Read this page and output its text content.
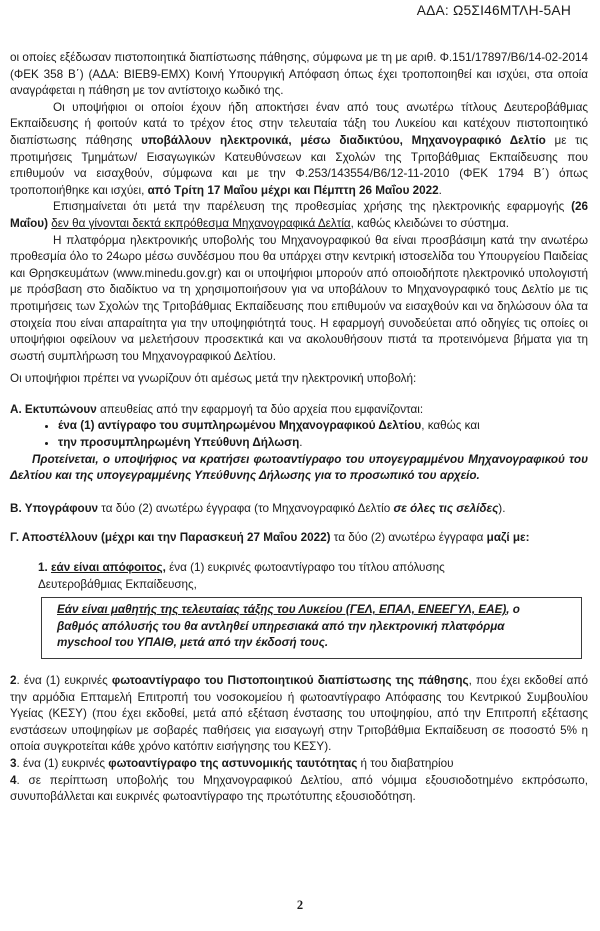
ΑΔΑ: Ω5ΣΙ46ΜΤΛΗ-5ΑΗ

οι οποίες εξέδωσαν πιστοποιητικά διαπίστωσης πάθησης, σύμφωνα με τη με αριθ. Φ.151/17897/Β6/14-02-2014 (ΦΕΚ 358 Β΄) (ΑΔΑ: ΒΙΕΒ9-ΕΜΧ) Κοινή Υπουργική Απόφαση όπως έχει τροποποιηθεί και ισχύει, στα οποία αναγράφεται η πάθηση με τον αντίστοιχο κωδικό της.

Οι υποψήφιοι οι οποίοι έχουν ήδη αποκτήσει έναν από τους ανωτέρω τίτλους Δευτεροβάθμιας Εκπαίδευσης ή φοιτούν κατά το τρέχον έτος στην τελευταία τάξη του Λυκείου και κατέχουν πιστοποιητικό διαπίστωσης πάθησης υποβάλλουν ηλεκτρονικά, μέσω διαδικτύου, Μηχανογραφικό Δελτίο με τις προτιμήσεις Τμημάτων/ Εισαγωγικών Κατευθύνσεων και Σχολών της Τριτοβάθμιας Εκπαίδευσης που επιθυμούν να εισαχθούν, σύμφωνα και με την Φ.253/143554/Β6/12-11-2010 (ΦΕΚ 1794 Β΄) όπως τροποποιήθηκε και ισχύει, από Τρίτη 17 Μαΐου μέχρι και Πέμπτη 26 Μαΐου 2022.

Επισημαίνεται ότι μετά την παρέλευση της προθεσμίας χρήσης της ηλεκτρονικής εφαρμογής (26 Μαΐου) δεν θα γίνονται δεκτά εκπρόθεσμα Μηχανογραφικά Δελτία, καθώς κλειδώνει το σύστημα.

Η πλατφόρμα ηλεκτρονικής υποβολής του Μηχανογραφικού θα είναι προσβάσιμη κατά την ανωτέρω προθεσμία όλο το 24ωρο μέσω συνδέσμου που θα υπάρχει στην κεντρική ιστοσελίδα του Υπουργείου Παιδείας και Θρησκευμάτων (www.minedu.gov.gr) και οι υποψήφιοι μπορούν από οποιοδήποτε ηλεκτρονικό υπολογιστή με πρόσβαση στο διαδίκτυο να τη χρησιμοποιήσουν για να υποβάλουν το Μηχανογραφικό τους Δελτίο με τις προτιμήσεις των Σχολών της Τριτοβάθμιας Εκπαίδευσης που επιθυμούν να εισαχθούν και να δηλώσουν όλα τα στοιχεία που είναι απαραίτητα για την υποψηφιότητά τους. Η εφαρμογή συνοδεύεται από οδηγίες τις οποίες οι υποψήφιοι οφείλουν να μελετήσουν προσεκτικά και να ακολουθήσουν πιστά τα προτεινόμενα βήματα για τη σωστή συμπλήρωση του Μηχανογραφικού Δελτίου.

Οι υποψήφιοι πρέπει να γνωρίζουν ότι αμέσως μετά την ηλεκτρονική υποβολή:

Α. Εκτυπώνουν απευθείας από την εφαρμογή τα δύο αρχεία που εμφανίζονται:

• ένα (1) αντίγραφο του συμπληρωμένου Μηχανογραφικού Δελτίου, καθώς και
• την προσυμπληρωμένη Υπεύθυνη Δήλωση.

Προτείνεται, ο υποψήφιος να κρατήσει φωτοαντίγραφο του υπογεγραμμένου Μηχανογραφικού του Δελτίου και της υπογεγραμμένης Υπεύθυνης Δήλωσης για το προσωπικό του αρχείο.

Β. Υπογράφουν τα δύο (2) ανωτέρω έγγραφα (το Μηχανογραφικό Δελτίο σε όλες τις σελίδες).

Γ. Αποστέλλουν (μέχρι και την Παρασκευή 27 Μαΐου 2022) τα δύο (2) ανωτέρω έγγραφα μαζί με:

1. εάν είναι απόφοιτος, ένα (1) ευκρινές φωτοαντίγραφο του τίτλου απόλυσης Δευτεροβάθμιας Εκπαίδευσης,

Εάν είναι μαθητής της τελευταίας τάξης του Λυκείου (ΓΕΛ, ΕΠΑΛ, ΕΝΕΕΓΥΛ, ΕΑΕ), ο βαθμός απόλυσής του θα αντληθεί υπηρεσιακά από την ηλεκτρονική πλατφόρμα myschool του ΥΠΑΙΘ, μετά από την έκδοσή τους.

2. ένα (1) ευκρινές φωτοαντίγραφο του Πιστοποιητικού διαπίστωσης της πάθησης, που έχει εκδοθεί από την αρμόδια Επταμελή Επιτροπή του νοσοκομείου ή φωτοαντίγραφο Απόφασης του Κεντρικού Συμβουλίου Υγείας (ΚΕΣΥ) (που έχει εκδοθεί, μετά από εξέταση ένστασης του υποψηφίου, από την Επιτροπή εξέτασης ενστάσεων υποψηφίων με σοβαρές παθήσεις για εισαγωγή στην Τριτοβάθμια Εκπαίδευση σε ποσοστό 5% η οποία συγκροτείται κάθε χρόνο κατόπιν εισήγησης του ΚΕΣΥ).

3. ένα (1) ευκρινές φωτοαντίγραφο της αστυνομικής ταυτότητας ή του διαβατηρίου

4. σε περίπτωση υποβολής του Μηχανογραφικού Δελτίου, από νόμιμα εξουσιοδοτημένο εκπρόσωπο, συνυποβάλλεται και ευκρινές φωτοαντίγραφο της πρωτότυπης εξουσιοδότηση.

2
